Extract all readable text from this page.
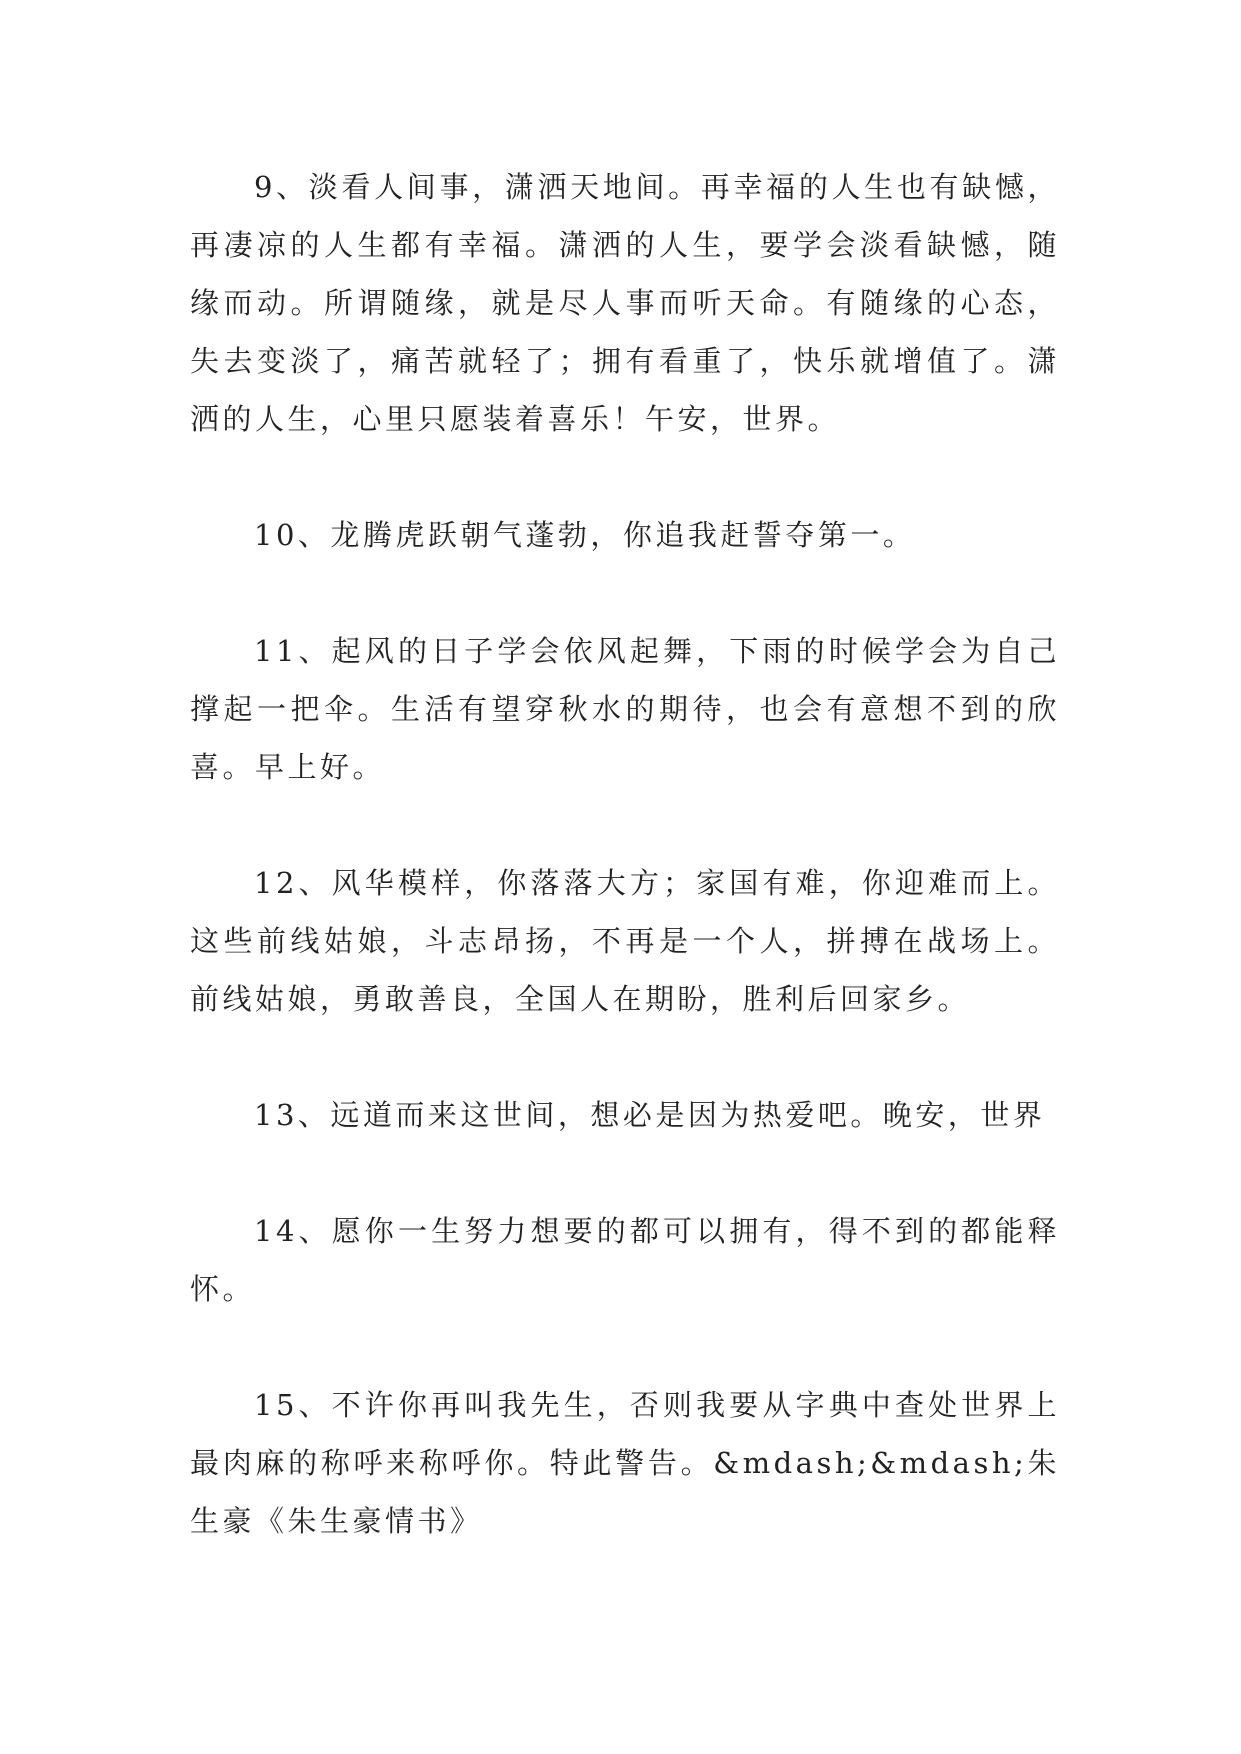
9、淡看人间事，潇洒天地间。再幸福的人生也有缺憾，再凄凉的人生都有幸福。潇洒的人生，要学会淡看缺憾，随缘而动。所谓随缘，就是尽人事而听天命。有随缘的心态，失去变淡了，痛苦就轻了；拥有看重了，快乐就增值了。潇洒的人生，心里只愿装着喜乐！午安，世界。

10、龙腾虎跃朝气蓬勃，你追我赶誓夺第一。

11、起风的日子学会依风起舞，下雨的时候学会为自己撑起一把伞。生活有望穿秋水的期待，也会有意想不到的欣喜。早上好。

12、风华模样，你落落大方；家国有难，你迎难而上。这些前线姑娘，斗志昂扬，不再是一个人，拼搏在战场上。前线姑娘，勇敢善良，全国人在期盼，胜利后回家乡。

13、远道而来这世间，想必是因为热爱吧。晚安，世界

14、愿你一生努力想要的都可以拥有，得不到的都能释怀。

15、不许你再叫我先生，否则我要从字典中查处世界上最肉麻的称呼来称呼你。特此警告。&mdash;&mdash;朱生豪《朱生豪情书》
